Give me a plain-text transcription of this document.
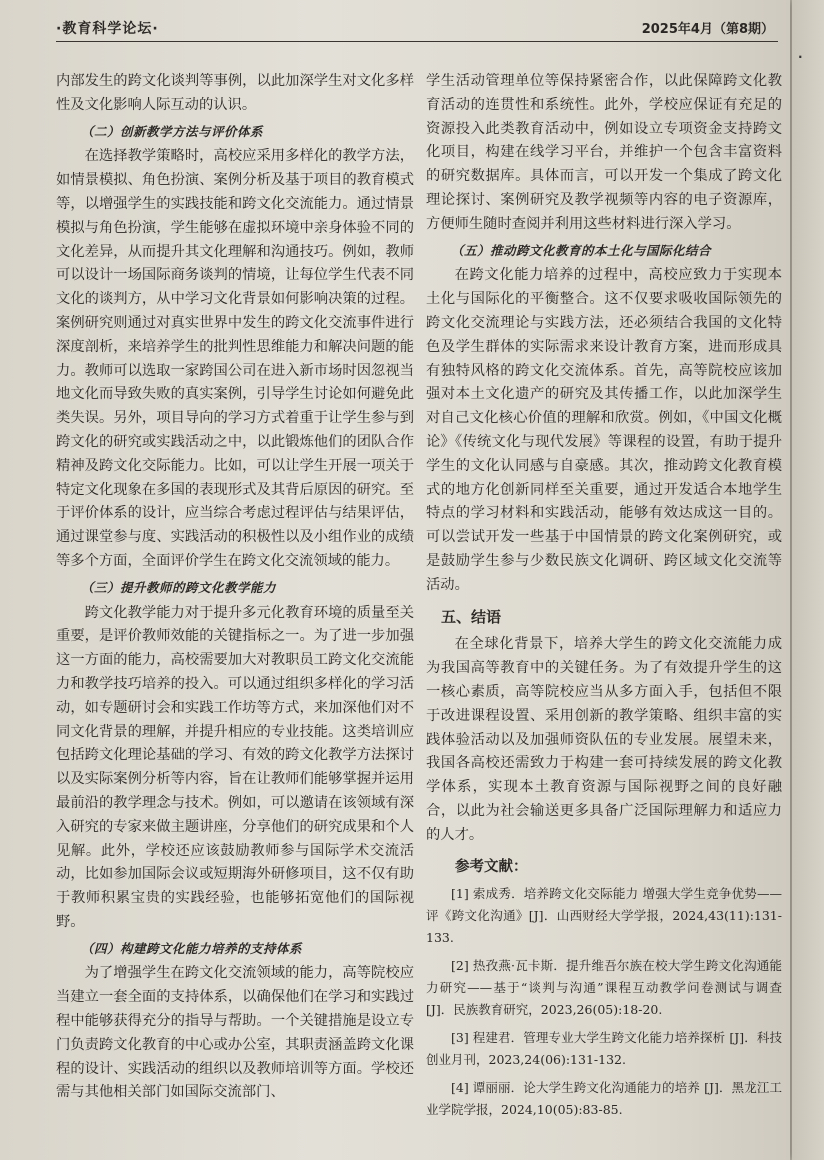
·教育科学论坛·	2025年4月（第8期）

内部发生的跨文化谈判等事例，以此加深学生对文化多样性及文化影响人际互动的认识。

（二）创新教学方法与评价体系

在选择教学策略时，高校应采用多样化的教学方法，如情景模拟、角色扮演、案例分析及基于项目的教育模式等，以增强学生的实践技能和跨文化交流能力。通过情景模拟与角色扮演，学生能够在虚拟环境中亲身体验不同的文化差异，从而提升其文化理解和沟通技巧。例如，教师可以设计一场国际商务谈判的情境，让每位学生代表不同文化的谈判方，从中学习文化背景如何影响决策的过程。案例研究则通过对真实世界中发生的跨文化交流事件进行深度剖析，来培养学生的批判性思维能力和解决问题的能力。教师可以选取一家跨国公司在进入新市场时因忽视当地文化而导致失败的真实案例，引导学生讨论如何避免此类失误。另外，项目导向的学习方式着重于让学生参与到跨文化的研究或实践活动之中，以此锻炼他们的团队合作精神及跨文化交际能力。比如，可以让学生开展一项关于特定文化现象在多国的表现形式及其背后原因的研究。至于评价体系的设计，应当综合考虑过程评估与结果评估，通过课堂参与度、实践活动的积极性以及小组作业的成绩等多个方面，全面评价学生在跨文化交流领域的能力。

（三）提升教师的跨文化教学能力

跨文化教学能力对于提升多元化教育环境的质量至关重要，是评价教师效能的关键指标之一。为了进一步加强这一方面的能力，高校需要加大对教职员工跨文化交流能力和教学技巧培养的投入。可以通过组织多样化的学习活动，如专题研讨会和实践工作坊等方式，来加深他们对不同文化背景的理解，并提升相应的专业技能。这类培训应包括跨文化理论基础的学习、有效的跨文化教学方法探讨以及实际案例分析等内容，旨在让教师们能够掌握并运用最前沿的教学理念与技术。例如，可以邀请在该领域有深入研究的专家来做主题讲座，分享他们的研究成果和个人见解。此外，学校还应该鼓励教师参与国际学术交流活动，比如参加国际会议或短期海外研修项目，这不仅有助于教师积累宝贵的实践经验，也能够拓宽他们的国际视野。

（四）构建跨文化能力培养的支持体系

为了增强学生在跨文化交流领域的能力，高等院校应当建立一套全面的支持体系，以确保他们在学习和实践过程中能够获得充分的指导与帮助。一个关键措施是设立专门负责跨文化教育的中心或办公室，其职责涵盖跨文化课程的设计、实践活动的组织以及教师培训等方面。学校还需与其他相关部门如国际交流部门、

学生活动管理单位等保持紧密合作，以此保障跨文化教育活动的连贯性和系统性。此外，学校应保证有充足的资源投入此类教育活动中，例如设立专项资金支持跨文化项目，构建在线学习平台，并维护一个包含丰富资料的研究数据库。具体而言，可以开发一个集成了跨文化理论探讨、案例研究及教学视频等内容的电子资源库，方便师生随时查阅并利用这些材料进行深入学习。

（五）推动跨文化教育的本土化与国际化结合

在跨文化能力培养的过程中，高校应致力于实现本土化与国际化的平衡整合。这不仅要求吸收国际领先的跨文化交流理论与实践方法，还必须结合我国的文化特色及学生群体的实际需求来设计教育方案，进而形成具有独特风格的跨文化交流体系。首先，高等院校应该加强对本土文化遗产的研究及其传播工作，以此加深学生对自己文化核心价值的理解和欣赏。例如，《中国文化概论》《传统文化与现代发展》等课程的设置，有助于提升学生的文化认同感与自豪感。其次，推动跨文化教育模式的地方化创新同样至关重要，通过开发适合本地学生特点的学习材料和实践活动，能够有效达成这一目的。可以尝试开发一些基于中国情景的跨文化案例研究，或是鼓励学生参与少数民族文化调研、跨区域文化交流等活动。

五、结语

在全球化背景下，培养大学生的跨文化交流能力成为我国高等教育中的关键任务。为了有效提升学生的这一核心素质，高等院校应当从多方面入手，包括但不限于改进课程设置、采用创新的教学策略、组织丰富的实践体验活动以及加强师资队伍的专业发展。展望未来，我国各高校还需致力于构建一套可持续发展的跨文化教学体系，实现本土教育资源与国际视野之间的良好融合，以此为社会输送更多具备广泛国际理解力和适应力的人才。

参考文献：
[1] 索成秀．培养跨文化交际能力 增强大学生竞争优势——评《跨文化沟通》[J]．山西财经大学学报，2024,43(11):131-133.
[2] 热孜燕·瓦卡斯．提升维吾尔族在校大学生跨文化沟通能力研究——基于“谈判与沟通”课程互动教学问卷测试与调查 [J]．民族教育研究，2023,26(05):18-20.
[3] 程建君．管理专业大学生跨文化能力培养探析 [J]．科技创业月刊，2023,24(06):131-132.
[4] 谭丽丽．论大学生跨文化沟通能力的培养 [J]．黑龙江工业学院学报，2024,10(05):83-85.
·
